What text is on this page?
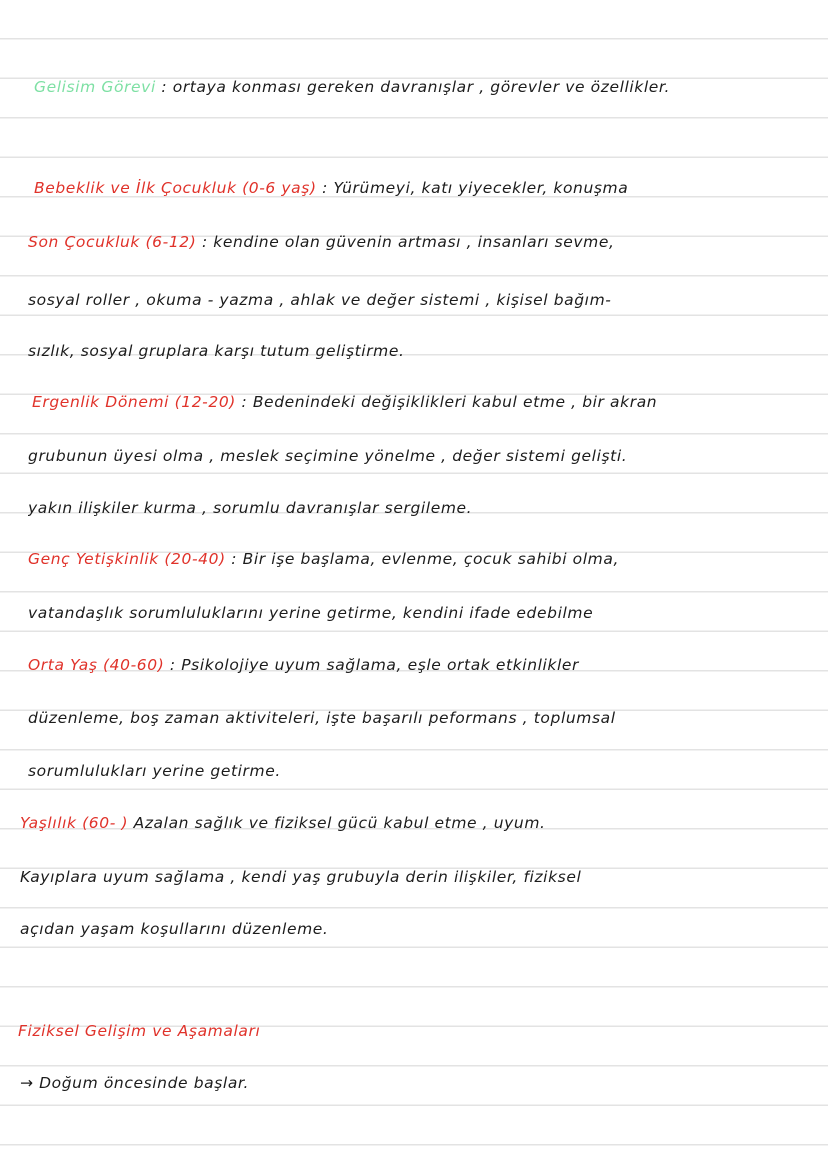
Gelisim Görevi : ortaya konması gereken davranışlar , görevler ve özellikler.
Bebeklik ve İlk Çocukluk (0-6 yaş) : Yürümeyi, katı yiyecekler, konuşma
Son Çocukluk (6-12) : kendine olan güvenin artması , insanları sevme,
sosyal roller , okuma - yazma , ahlak ve değer sistemi , kişisel bağım-
sızlık, sosyal gruplara karşı tutum geliştirme.
Ergenlik Dönemi (12-20) : Bedenindeki değişiklikleri kabul etme , bir akran
grubunun üyesi olma , meslek seçimine yönelme , değer sistemi gelişti.
yakın ilişkiler kurma , sorumlu davranışlar sergileme.
Genç Yetişkinlik (20-40) : Bir işe başlama, evlenme, çocuk sahibi olma,
vatandaşlık sorumluluklarını yerine getirme, kendini ifade edebilme
Orta Yaş (40-60) : Psikolojiye uyum sağlama, eşle ortak etkinlikler
düzenleme, boş zaman aktiviteleri, işte başarılı peformans , toplumsal
sorumlulukları yerine getirme.
Yaşlılık (60- ) Azalan sağlık ve fiziksel gücü kabul etme , uyum.
Kayıplara uyum sağlama , kendi yaş grubuyla derin ilişkiler, fiziksel
açıdan yaşam koşullarını düzenleme.
Fiziksel Gelişim ve Aşamaları
→ Doğum öncesinde başlar.
